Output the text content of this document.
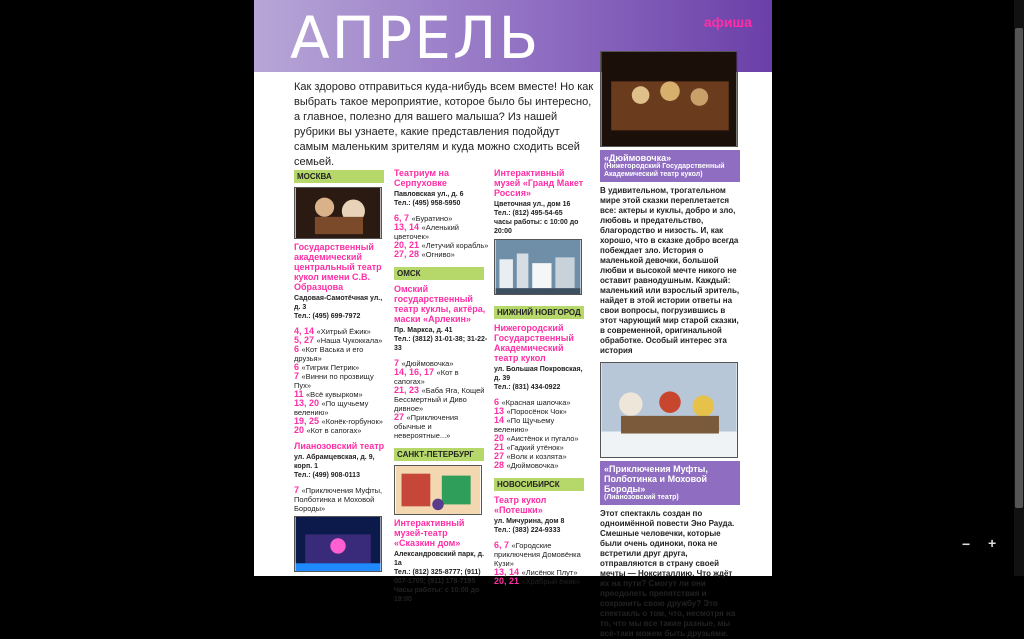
АПРЕЛЬ	афиша
Как здорово отправиться куда-нибудь всем вместе! Но как выбрать такое мероприятие, которое было бы интересно, а главное, полезно для вашего малыша? Из нашей рубрики вы узнаете, какие представления подойдут самым маленьким зрителям и куда можно сходить всей семьей.
МОСКВА
Государственный академический центральный театр кукол имени С.В. Образцова
Садовая-Самотёчная ул., д. 3
Тел.: (495) 699-7972
4, 14 «Хитрый Ёжик»
5, 27 «Наша Чукоккала»
6 «Кот Васька и его друзья»
6 «Тигрик Петрик»
7 «Винни по прозвищу Пух»
11 «Всё кувырком»
13, 20 «По щучьему велению»
19, 25 «Конёк-горбунок»
20 «Кот в сапогах»
Лианозовский театр
ул. Абрамцевская, д. 9, корп. 1
Тел.: (499) 908-0113
7 «Приключения Муфты, Полботинка и Моховой Бороды»
Театриум на Серпуховке
Павловская ул., д. 6
Тел.: (495) 958-5950
6, 7 «Буратино»
13, 14 «Аленький цветочек»
20, 21 «Летучий корабль»
27, 28 «Огниво»
ОМСК
Омский государственный театр куклы, актёра, маски «Арлекин»
Пр. Маркса, д. 41
Тел.: (3812) 31-01-38; 31-22-33
7 «Дюймовочка»
14, 16, 17 «Кот в сапогах»
21, 23 «Баба Яга, Кощей Бессмертный и Диво дивное»
27 «Приключения обычные и невероятные...»
САНКТ-ПЕТЕРБУРГ
Интерактивный музей-театр «Сказкин дом»
Александровский парк, д. 1а
Тел.: (812) 325-8777; (911) 007-1705; (911) 178-7195
Часы работы: с 10:00 до 19:00
Интерактивный музей «Гранд Макет Россия»
Цветочная ул., дом 16
Тел.: (812) 495-54-65
часы работы: с 10:00 до 20:00
НИЖНИЙ НОВГОРОД
Нижегородский Государственный Академический театр кукол
ул. Большая Покровская, д. 39
Тел.: (831) 434-0922
6 «Красная шапочка»
13 «Поросёнок Чок»
14 «По Щучьему велению»
20 «Аистёнок и пугало»
21 «Гадкий утёнок»
27 «Волк и козлята»
28 «Дюймовочка»
НОВОСИБИРСК
Театр кукол «Потешки»
ул. Мичурина, дом 8
Тел.: (383) 224-9333
6, 7 «Городские приключения Домовёнка Кузи»
13, 14 «Лисёнок Плут»
20, 21 «Храбрый ёжик»
«Дюймовочка»
(Нижегородский Государственный Академический театр кукол)
В удивительном, трогательном мире этой сказки переплетается все: актеры и куклы, добро и зло, любовь и предательство, благородство и низость. И, как хорошо, что в сказке добро всегда побеждает зло. История о маленькой девочки, большой любви и высокой мечте никого не оставит равнодушным. Каждый: маленький или взрослый зритель, найдет в этой истории ответы на свои вопросы, погрузившись в этот чарующий мир старой сказки, в современной, оригинальной обработке. Особый интерес эта история
«Приключения Муфты, Полботинка и Моховой Бороды»
(Лианозовский театр)
Этот спектакль создан по одноимённой повести Эно Рауда. Смешные человечки, которые были очень одиноки, пока не встретили друг друга, отправляются в страну своей мечты — Нокситаллию. Что ждёт их на пути? Смогут ли они преодолеть препятствия и сохранить свою дружбу? Это спектакль о том, что, несмотря на то, что мы все такие разные, мы всё-таки можем быть друзьями.
− +
